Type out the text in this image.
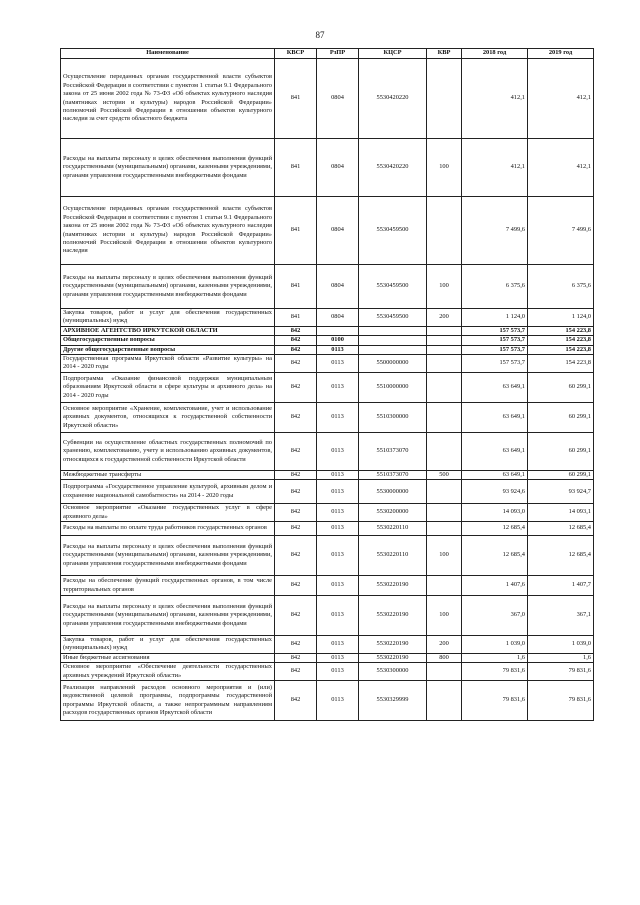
87
Наименование	КВСР	РзПР	КЦСР	КВР	2018 год	2019 год
Осуществление переданных органам государственной власти субъектов Российской Федерации в соответствии с пунктом 1 статьи 9.1 Федерального закона от 25 июня 2002 года № 73-ФЗ «Об объектах культурного наследия (памятниках истории и культуры) народов Российской Федерации» полномочий Российской Федерации в отношении объектов культурного наследия за счет средств областного бюджета	841	0804	5530420220		412,1	412,1
Расходы на выплаты персоналу в целях обеспечения выполнения функций государственными (муниципальными) органами, казенными учреждениями, органами управления государственными внебюджетными фондами	841	0804	5530420220	100	412,1	412,1
Осуществление переданных органам государственной власти субъектов Российской Федерации в соответствии с пунктом 1 статьи 9.1 Федерального закона от 25 июня 2002 года № 73-ФЗ «Об объектах культурного наследия (памятниках истории и культуры) народов Российской Федерации» полномочий Российской Федерации в отношении объектов культурного наследия	841	0804	5530459500		7 499,6	7 499,6
Расходы на выплаты персоналу в целях обеспечения выполнения функций государственными (муниципальными) органами, казенными учреждениями, органами управления государственными внебюджетными фондами	841	0804	5530459500	100	6 375,6	6 375,6
Закупка товаров, работ и услуг для обеспечения государственных (муниципальных) нужд	841	0804	5530459500	200	1 124,0	1 124,0
АРХИВНОЕ АГЕНТСТВО ИРКУТСКОЙ ОБЛАСТИ	842				157 573,7	154 223,8
Общегосударственные вопросы	842	0100			157 573,7	154 223,8
Другие общегосударственные вопросы	842	0113			157 573,7	154 223,8
Государственная программа Иркутской области «Развитие культуры» на 2014 - 2020 годы	842	0113	5500000000		157 573,7	154 223,8
Подпрограмма «Оказание финансовой поддержки муниципальным образованиям Иркутской области в сфере культуры и архивного дела» на 2014 - 2020 годы	842	0113	5510000000		63 649,1	60 299,1
Основное мероприятие «Хранение, комплектование, учет и использование архивных документов, относящихся к государственной собственности Иркутской области»	842	0113	5510300000		63 649,1	60 299,1
Субвенции на осуществление областных государственных полномочий по хранению, комплектованию, учету и использованию архивных документов, относящихся к государственной собственности Иркутской области	842	0113	5510373070		63 649,1	60 299,1
Межбюджетные трансферты	842	0113	5510373070	500	63 649,1	60 299,1
Подпрограмма «Государственное управление культурой, архивным делом и сохранение национальной самобытности» на 2014 - 2020 годы	842	0113	5530000000		93 924,6	93 924,7
Основное мероприятие «Оказание государственных услуг в сфере архивного дела»	842	0113	5530200000		14 093,0	14 093,1
Расходы на выплаты по оплате труда работников государственных органов	842	0113	5530220110		12 685,4	12 685,4
Расходы на выплаты персоналу в целях обеспечения выполнения функций государственными (муниципальными) органами, казенными учреждениями, органами управления государственными внебюджетными фондами	842	0113	5530220110	100	12 685,4	12 685,4
Расходы на обеспечение функций государственных органов, в том числе территориальных органов	842	0113	5530220190		1 407,6	1 407,7
Расходы на выплаты персоналу в целях обеспечения выполнения функций государственными (муниципальными) органами, казенными учреждениями, органами управления государственными внебюджетными фондами	842	0113	5530220190	100	367,0	367,1
Закупка товаров, работ и услуг для обеспечения государственных (муниципальных) нужд	842	0113	5530220190	200	1 039,0	1 039,0
Иные бюджетные ассигнования	842	0113	5530220190	800	1,6	1,6
Основное мероприятие «Обеспечение деятельности государственных архивных учреждений Иркутской области»	842	0113	5530300000		79 831,6	79 831,6
Реализация направлений расходов основного мероприятия и (или) ведомственной целевой программы, подпрограммы государственной программы Иркутской области, а также непрограммным направлениям расходов государственных органов Иркутской области	842	0113	5530329999		79 831,6	79 831,6
